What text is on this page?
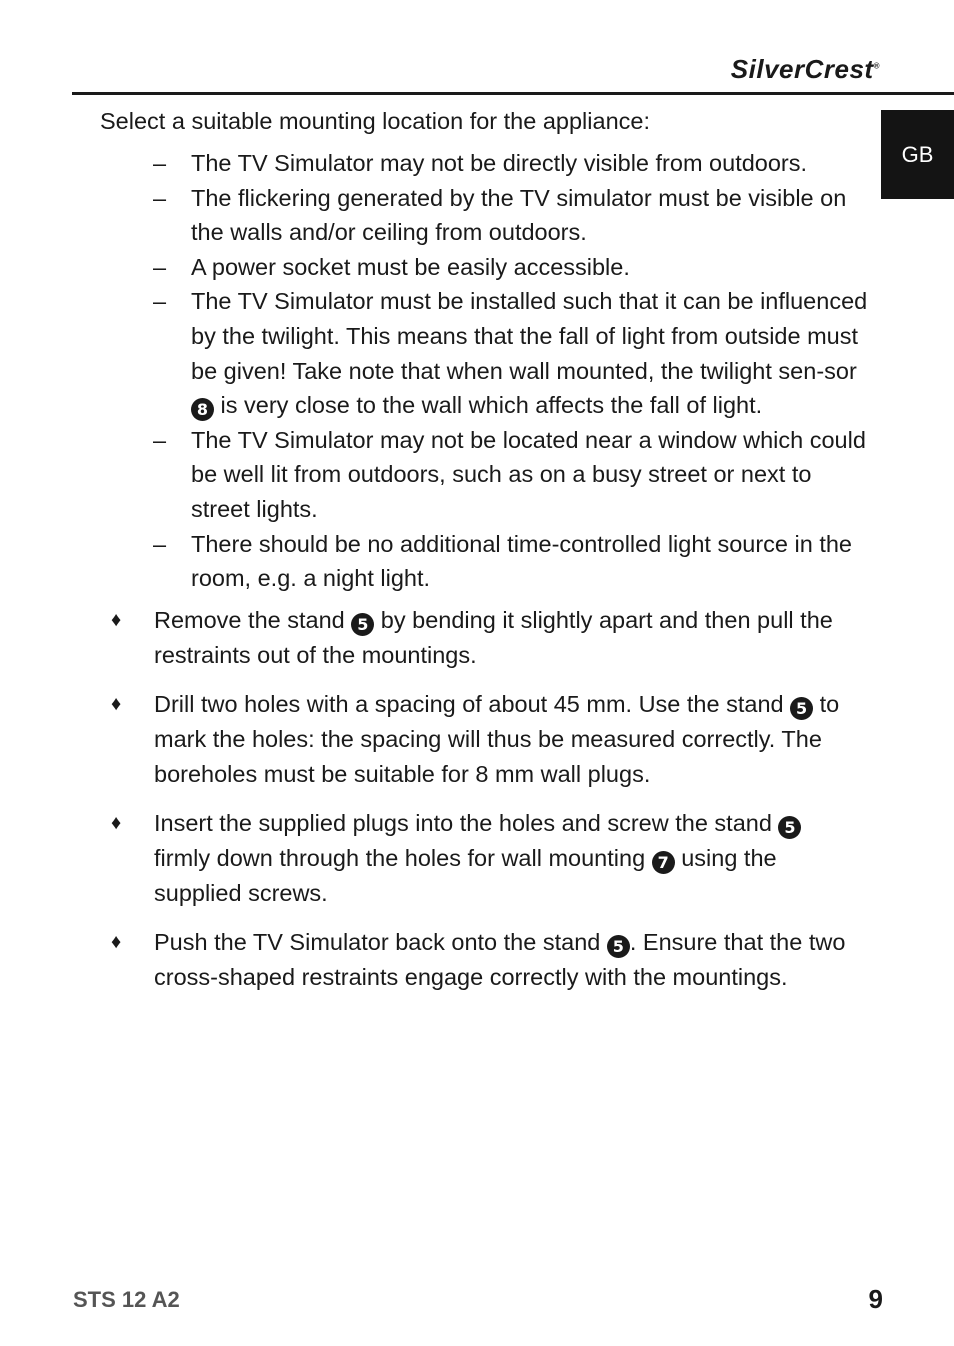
SilverCrest®
GB
Select a suitable mounting location for the appliance:
– The TV Simulator may not be directly visible from outdoors.
– The flickering generated by the TV simulator must be visible on the walls and/or ceiling from outdoors.
– A power socket must be easily accessible.
– The TV Simulator must be installed such that it can be influenced by the twilight. This means that the fall of light from outside must be given! Take note that when wall mounted, the twilight sen-sor 8 is very close to the wall which affects the fall of light.
– The TV Simulator may not be located near a window which could be well lit from outdoors, such as on a busy street or next to street lights.
– There should be no additional time-controlled light source in the room, e.g. a night light.
♦ Remove the stand 5 by bending it slightly apart and then pull the restraints out of the mountings.
♦ Drill two holes with a spacing of about 45 mm. Use the stand 5 to mark the holes: the spacing will thus be measured correctly. The boreholes must be suitable for 8 mm wall plugs.
♦ Insert the supplied plugs into the holes and screw the stand 5 firmly down through the holes for wall mounting 7 using the supplied screws.
♦ Push the TV Simulator back onto the stand 5 . Ensure that the two cross-shaped restraints engage correctly with the mountings.
STS 12 A2	9
